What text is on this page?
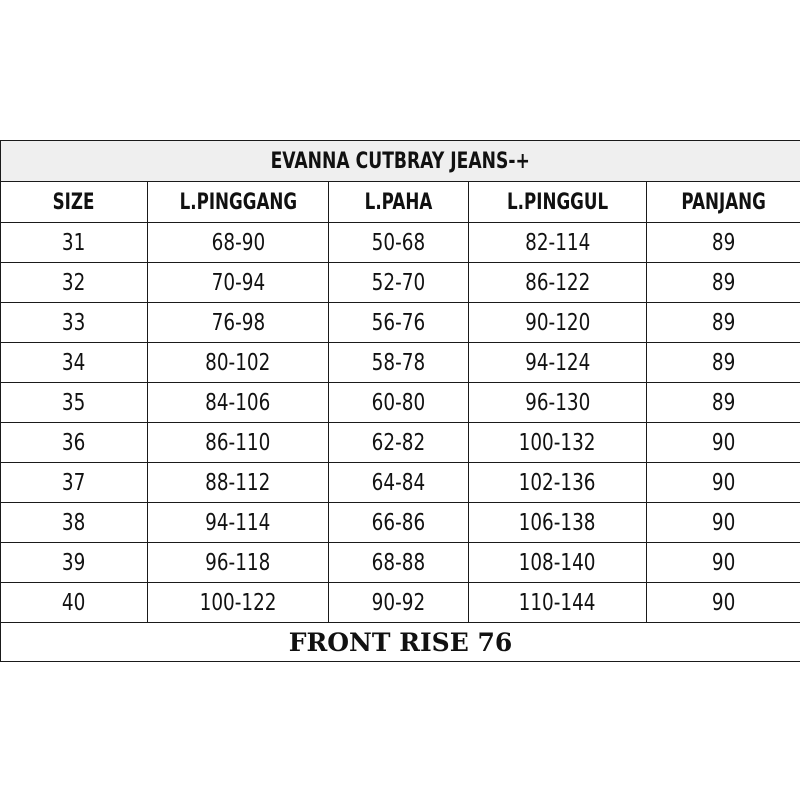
EVANNA CUTBRAY JEANS-+				
SIZE	L.PINGGANG	L.PAHA	L.PINGGUL	PANJANG
31	68-90	50-68	82-114	89
32	70-94	52-70	86-122	89
33	76-98	56-76	90-120	89
34	80-102	58-78	94-124	89
35	84-106	60-80	96-130	89
36	86-110	62-82	100-132	90
37	88-112	64-84	102-136	90
38	94-114	66-86	106-138	90
39	96-118	68-88	108-140	90
40	100-122	90-92	110-144	90
FRONT RISE 76				
